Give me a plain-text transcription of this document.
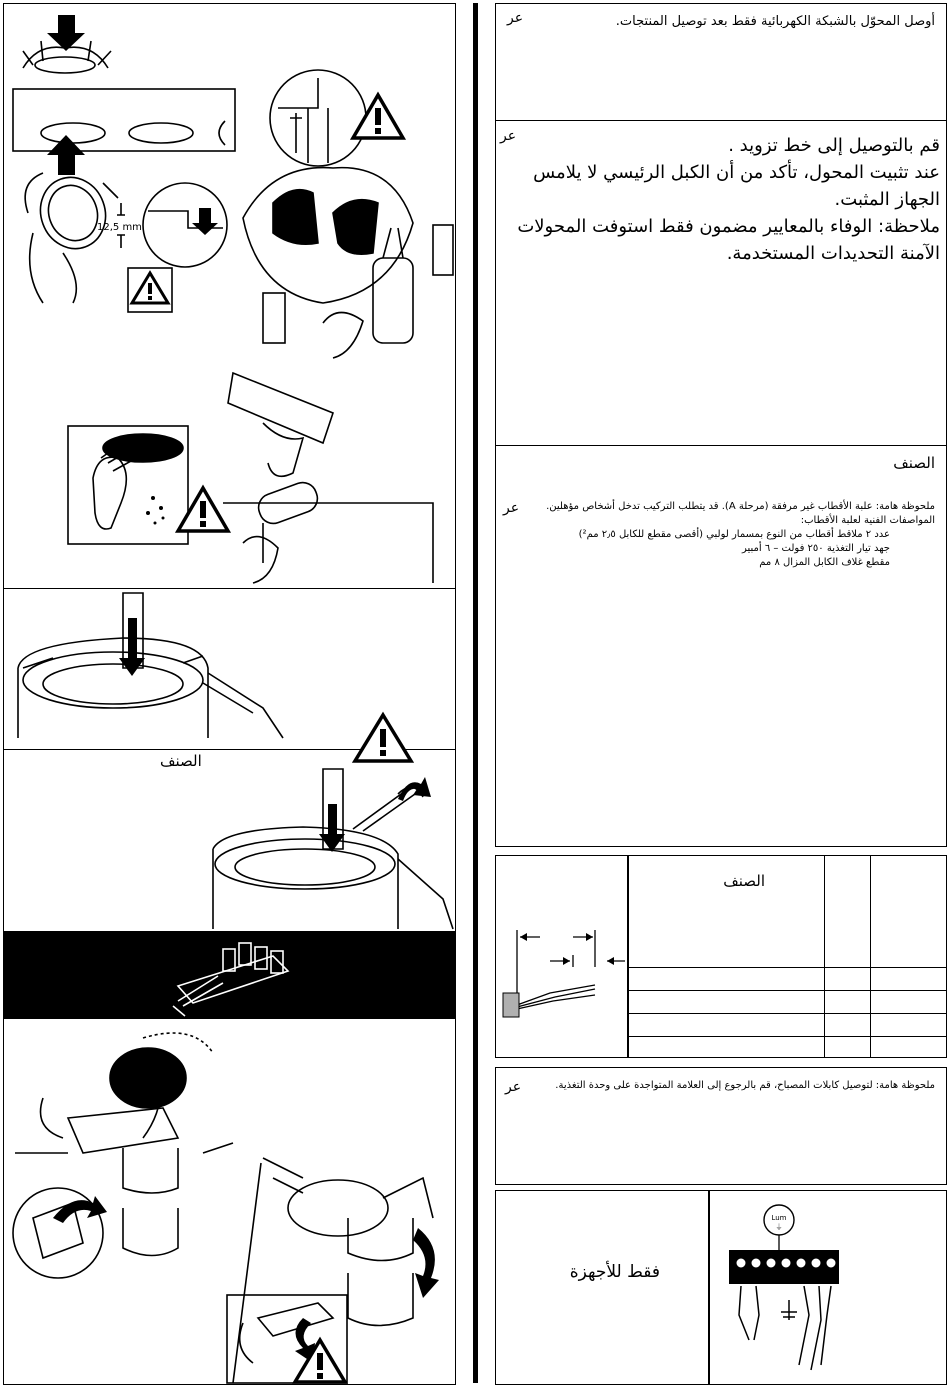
12,5 mm
الصنف
عر	أوصل المحوّل بالشبكة الكهربائية فقط بعد توصيل المنتجات.
عر	قم بالتوصيل إلى خط تزويد .
عند تثبيت المحول، تأكد من أن الكبل الرئيسي لا يلامس
الجهاز المثبت.
ملاحظة: الوفاء بالمعايير مضمون فقط استوفت المحولات
الآمنة التحديدات المستخدمة.
الصنف
عر	ملحوظة هامة: علبة الأقطاب غير مرفقة (مرحلة A). قد يتطلب التركيب تدخل أشخاص مؤهلين.
المواصفات الفنية لعلبة الأقطاب:
عدد ٢ ملاقط أقطاب من النوع بمسمار لولبي (أقصى مقطع للكابل ٢٫٥ مم²)
جهد تيار التغذية ٢٥٠ فولت – ٦ أمبير
مقطع غلاف الكابل المزال ٨ مم
الصنف
عر	ملحوظة هامة: لتوصيل كابلات المصباح، قم بالرجوع إلى العلامة المتواجدة على وحدة التغذية.
فقط للأجهزة
Lum
⏚
